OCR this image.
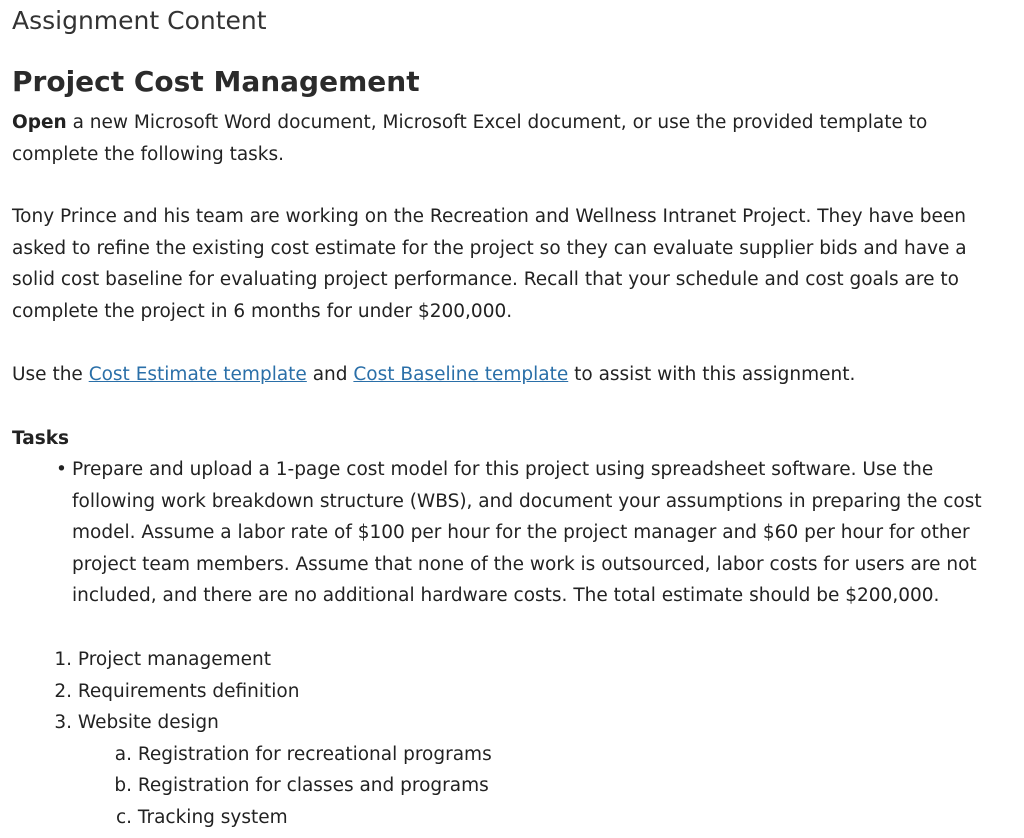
Assignment Content
Project Cost Management

Open a new Microsoft Word document, Microsoft Excel document, or use the provided template to complete the following tasks.

Tony Prince and his team are working on the Recreation and Wellness Intranet Project. They have been asked to refine the existing cost estimate for the project so they can evaluate supplier bids and have a solid cost baseline for evaluating project performance. Recall that your schedule and cost goals are to complete the project in 6 months for under $200,000.

Use the Cost Estimate template and Cost Baseline template to assist with this assignment.

Tasks
• Prepare and upload a 1-page cost model for this project using spreadsheet software. Use the following work breakdown structure (WBS), and document your assumptions in preparing the cost model. Assume a labor rate of $100 per hour for the project manager and $60 per hour for other project team members. Assume that none of the work is outsourced, labor costs for users are not included, and there are no additional hardware costs. The total estimate should be $200,000.
1. Project management
2. Requirements definition
3. Website design
a. Registration for recreational programs
b. Registration for classes and programs
c. Tracking system
